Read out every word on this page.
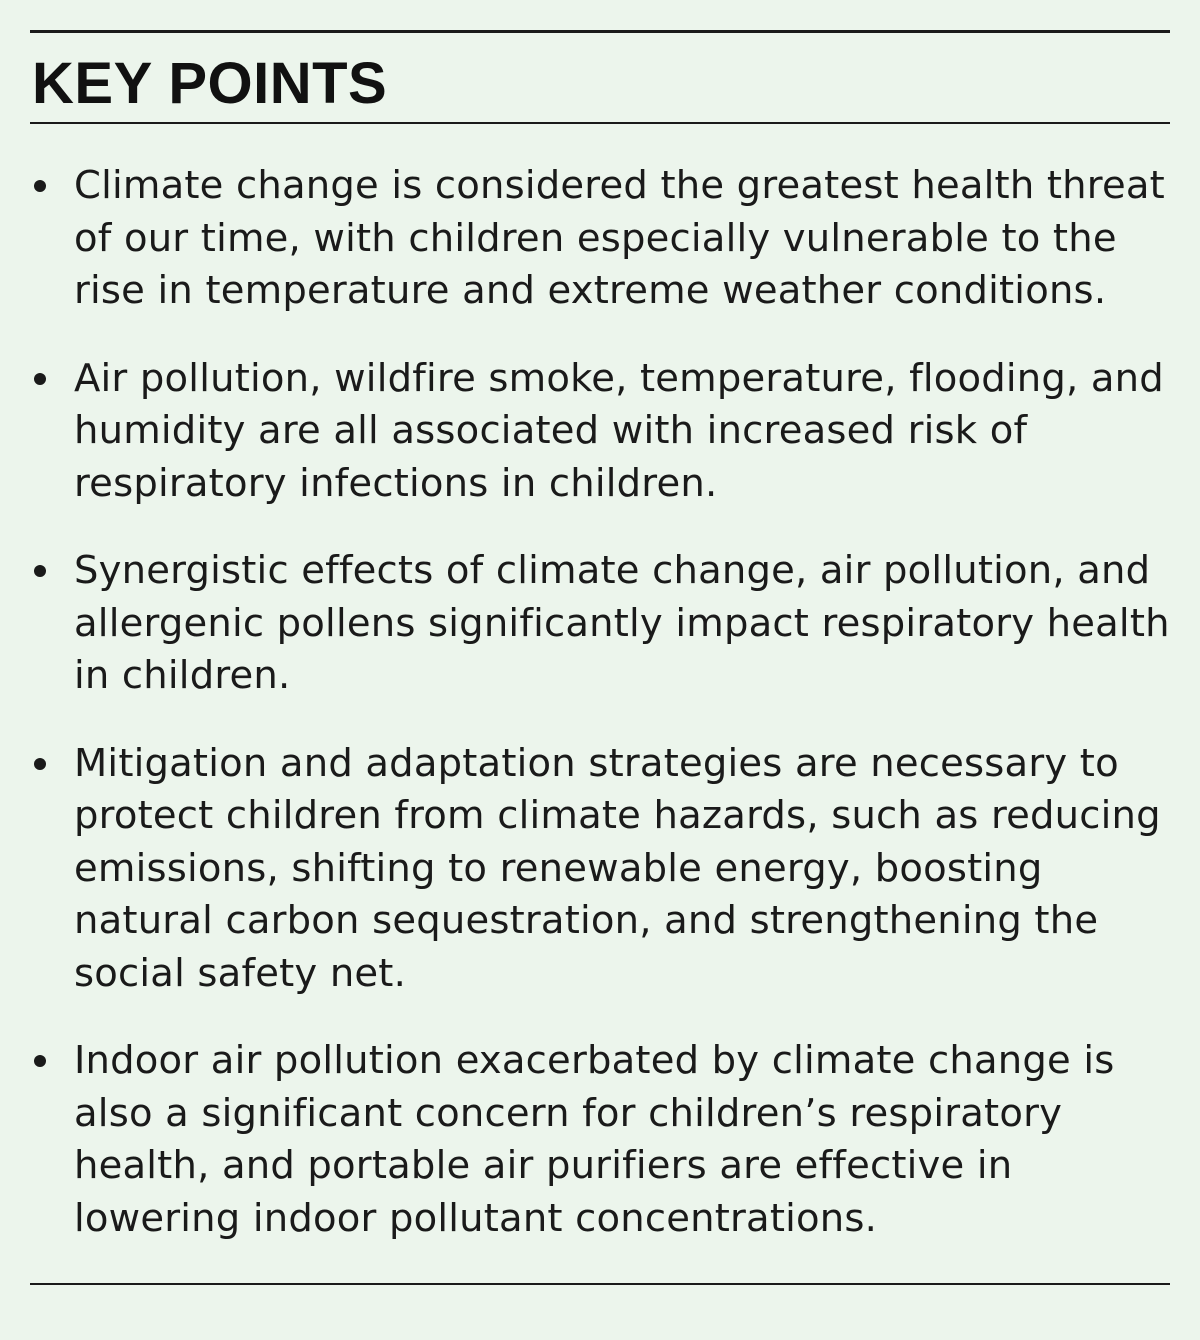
KEY POINTS
Climate change is considered the greatest health threat of our time, with children especially vulnerable to the rise in temperature and extreme weather conditions.
Air pollution, wildfire smoke, temperature, flooding, and humidity are all associated with increased risk of respiratory infections in children.
Synergistic effects of climate change, air pollution, and allergenic pollens significantly impact respiratory health in children.
Mitigation and adaptation strategies are necessary to protect children from climate hazards, such as reducing emissions, shifting to renewable energy, boosting natural carbon sequestration, and strengthening the social safety net.
Indoor air pollution exacerbated by climate change is also a significant concern for children’s respiratory health, and portable air purifiers are effective in lowering indoor pollutant concentrations.
